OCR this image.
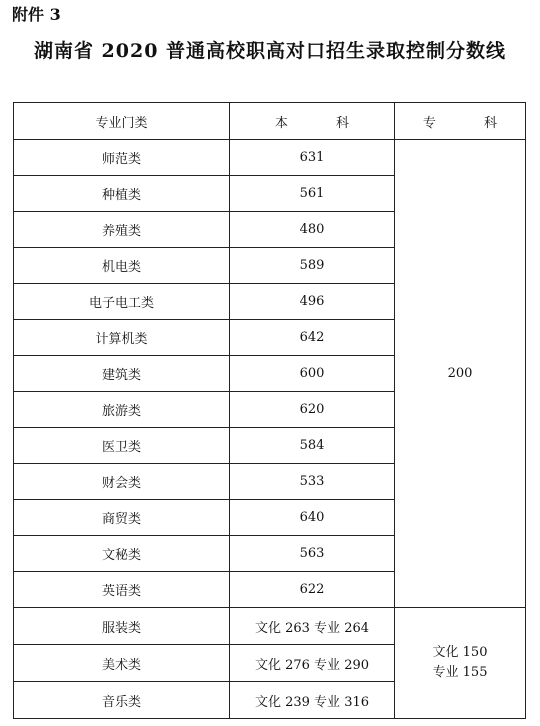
附件 3
湖南省 2020 普通高校职高对口招生录取控制分数线
专业门类	本 科	专 科
师范类	631	200
种植类	561	
养殖类	480	
机电类	589	
电子电工类	496	
计算机类	642	
建筑类	600	
旅游类	620	
医卫类	584	
财会类	533	
商贸类	640	
文秘类	563	
英语类	622	
服装类	文化 263 专业 264	文化 150
专业 155

美术类	文化 276 专业 290	
音乐类	文化 239 专业 316	
